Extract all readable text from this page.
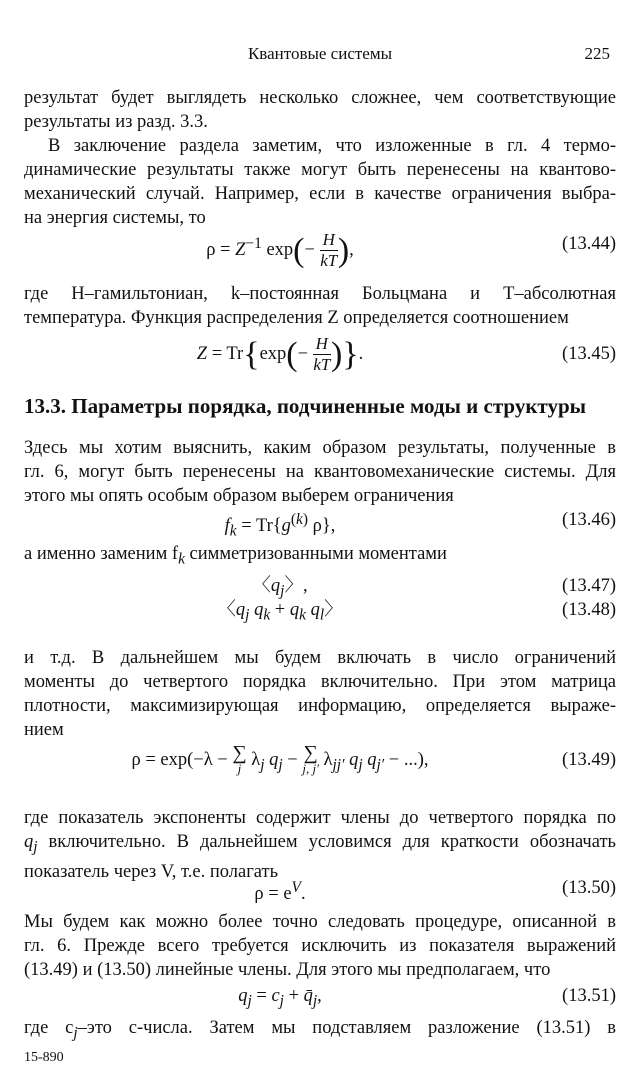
Квантовые системы	225
результат будет выглядеть несколько сложнее, чем соответствующие
результаты из разд. 3.3.
В заключение раздела заметим, что изложенные в гл. 4 термо-
динамические результаты также могут быть перенесены на квантово-
механический случай. Например, если в качестве ограничения выбра-
на энергия системы, то
$\rho = Z^{-1}$ $\exp(- \frac{H}{kT}$ ),	(13.44)
где H–гамильтониан, k–постоянная Больцмана и T–абсолютная
температура. Функция распределения Z определяется соотношением
$Z = Tr\{\exp(- \frac{H}{kT}$ )}.	(13.45)
13.3. Параметры порядка, подчиненные моды и структуры
Здесь мы хотим выяснить, каким образом результаты, полученные в
гл. 6, могут быть перенесены на квантовомеханические системы. Для
этого мы опять особым образом выберем ограничения
$f_k = Tr\{g^{(k)}$ ρ},	(13.46)
а именно заменим $f_k$ симметризованными моментами
〈$q_j$〉,	(13.47)
〈$q_j$ $q_k + q_k$ $q_l$〉	(13.48)
и т.д. В дальнейшем мы будем включать в число ограничений
моменты до четвертого порядка включительно. При этом матрица
плотности, максимизирующая информацию, определяется выраже-
нием
ρ = exp(−λ − ∑
j $\lambda_j$ $q_j$ − ∑
j, j′ $\lambda_{jj'}$ $q_j$ $q_{j'}$ − ...),	(13.49)
где показатель экспоненты содержит члены до четвертого порядка по
$q_j$ включительно. В дальнейшем условимся для краткости обозначать
показатель через V, т.е. полагать
$\rho = e^V$.	(13.50)
Мы будем как можно более точно следовать процедуре, описанной в
гл. 6. Прежде всего требуется исключить из показателя выражений
(13.49) и (13.50) линейные члены. Для этого мы предполагаем, что
$q_j = c_j$ + $q̄_j$,	(13.51)
где $c_j$–это c-числа. Затем мы подставляем разложение (13.51) в
15-890
